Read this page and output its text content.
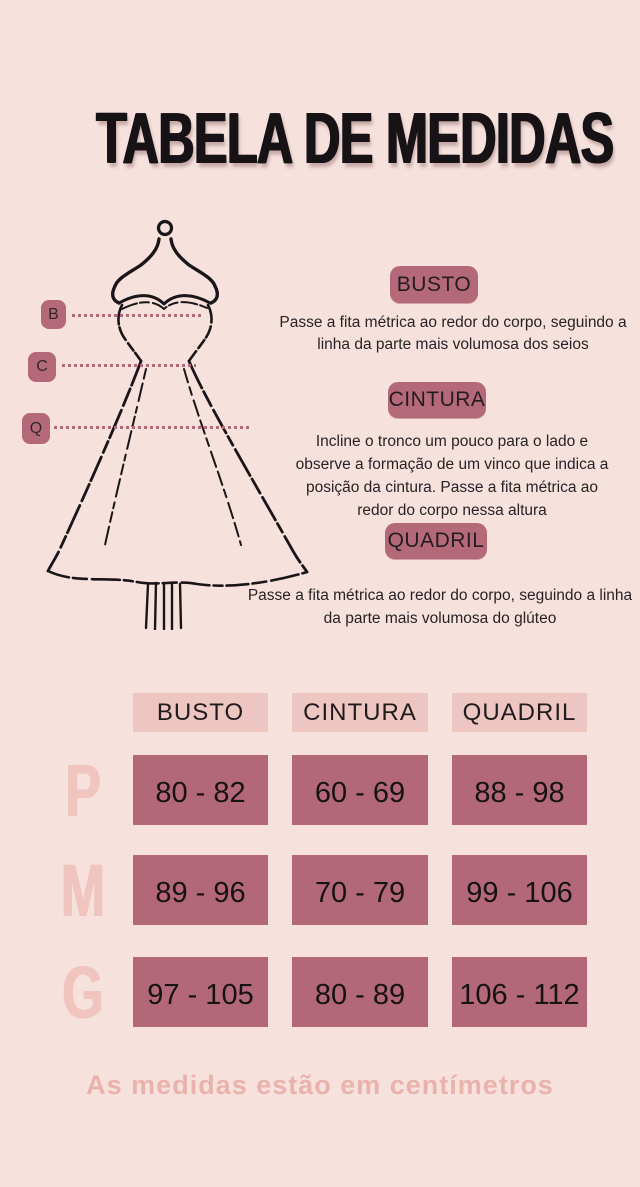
TABELA DE MEDIDAS
B
C
Q
BUSTO
Passe a fita métrica ao redor do corpo, seguindo a
linha da parte mais volumosa dos seios
CINTURA
Incline o tronco um pouco para o lado e
observe a formação de um vinco que indica a
posição da cintura. Passe a fita métrica ao
redor do corpo nessa altura
QUADRIL
Passe a fita métrica ao redor do corpo, seguindo a linha
da parte mais volumosa do glúteo
BUSTO	CINTURA	QUADRIL
P	80 - 82	60 - 69	88 - 98
M	89 - 96	70 - 79	99 - 106
G	97 - 105	80 - 89	106 - 112
As medidas estão em centímetros
